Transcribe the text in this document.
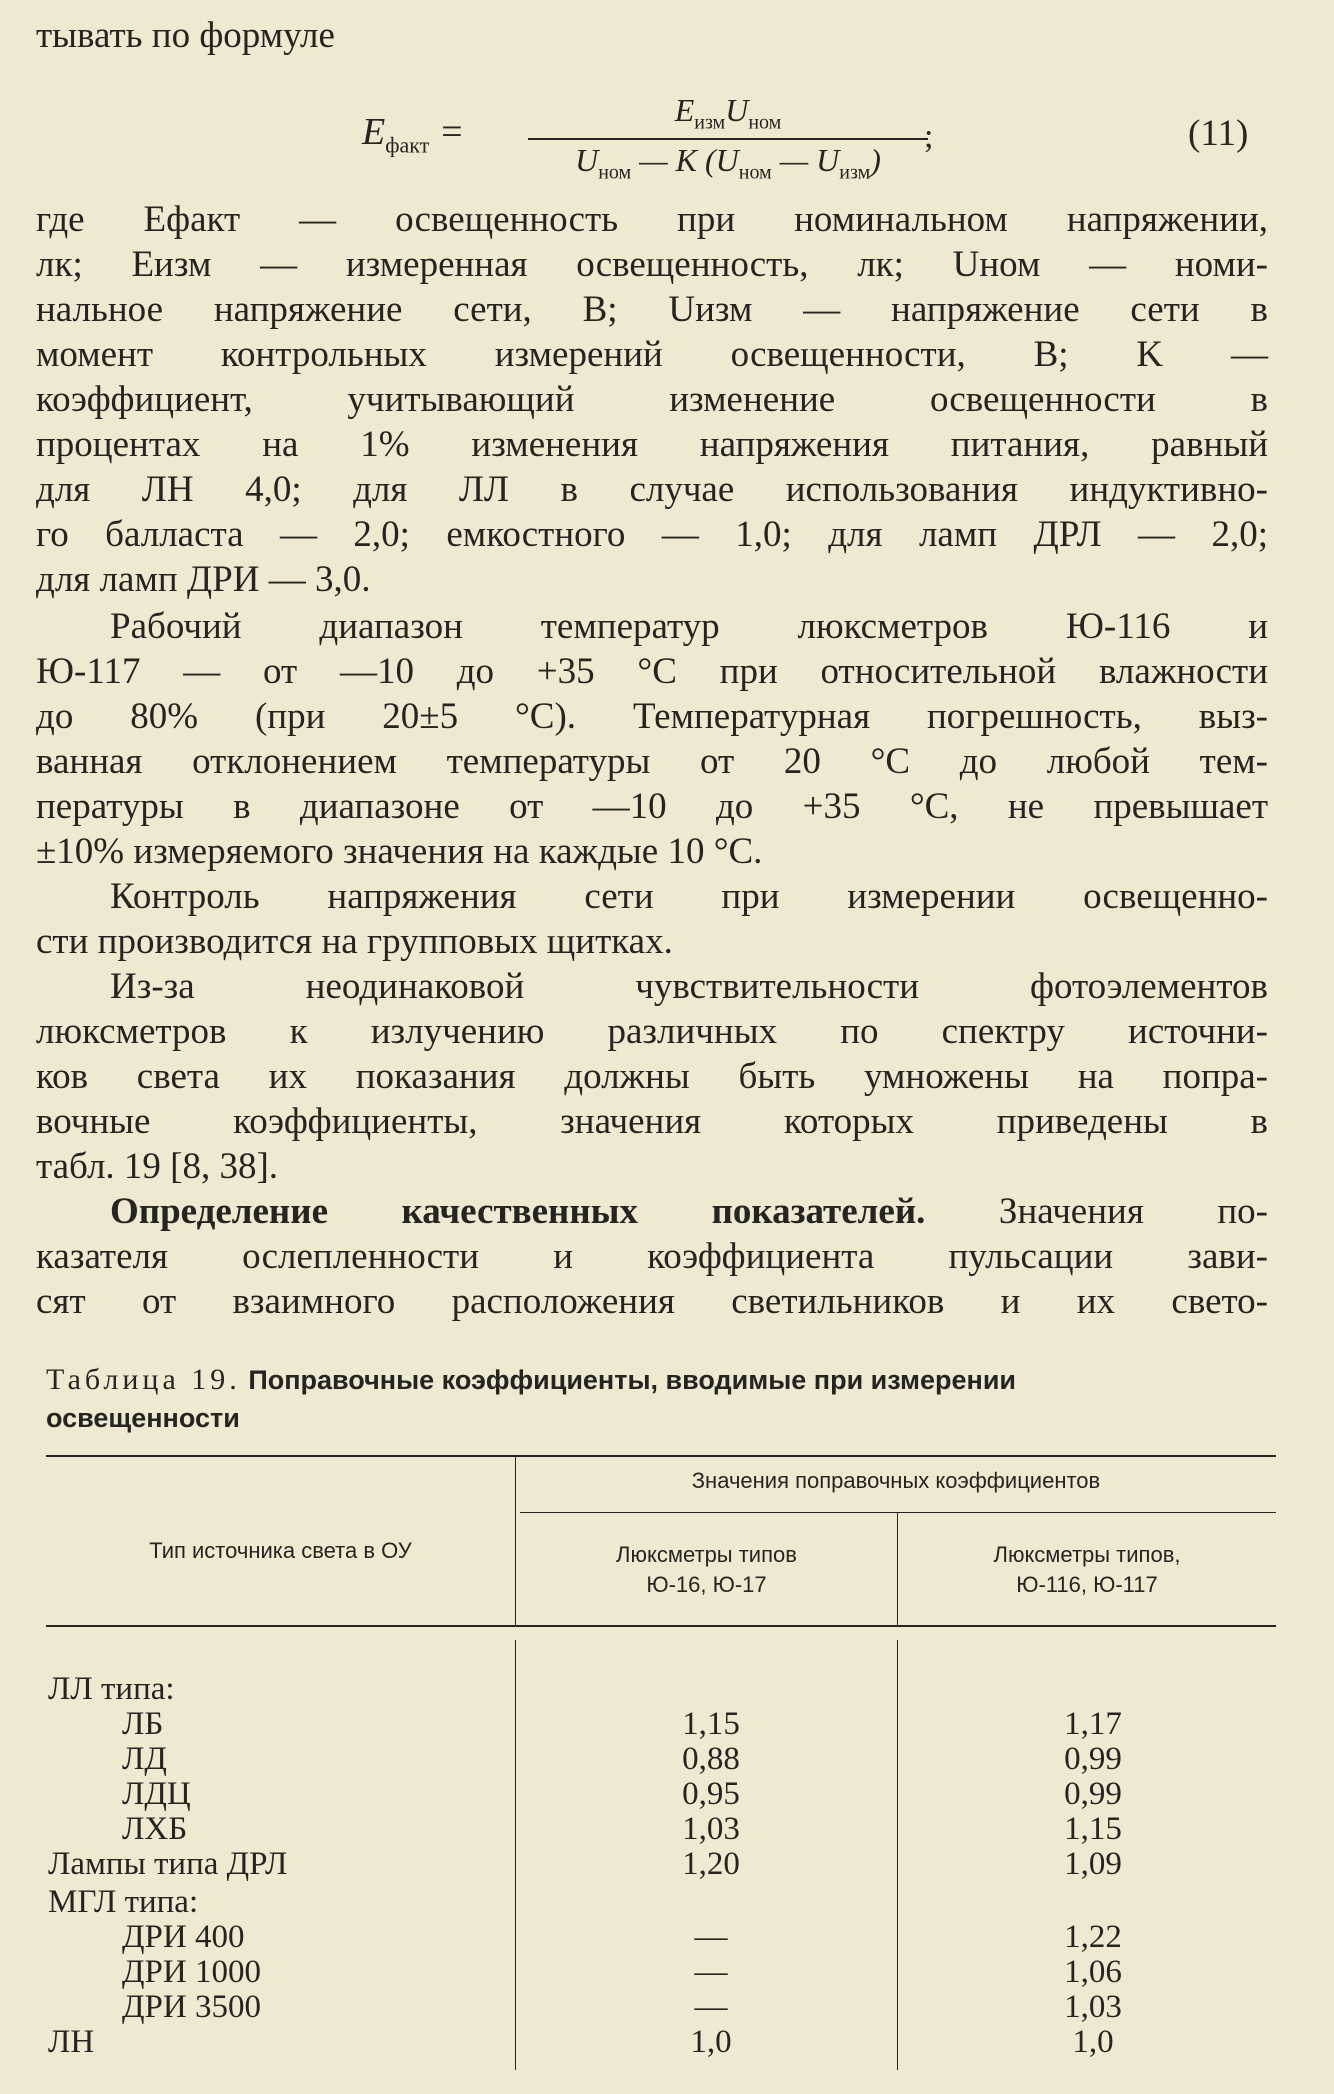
тывать по формуле
$E_{факт}$ =
$E_{изм}U_{ном}$
$U_{ном}$ — K ($U_{ном}$ — $U_{изм}$)
;	(11)
где Eфакт — освещенность при номинальном напряжении,
лк; Eизм — измеренная освещенность, лк; Uном — номи-
нальное напряжение сети, В; Uизм — напряжение сети в
момент контрольных измерений освещенности, В; K —
коэффициент, учитывающий изменение освещенности в
процентах на 1% изменения напряжения питания, равный
для ЛН 4,0; для ЛЛ в случае использования индуктивно-
го балласта — 2,0; емкостного — 1,0; для ламп ДРЛ — 2,0;
для ламп ДРИ — 3,0.
Рабочий диапазон температур люксметров Ю-116 и
Ю-117 — от —10 до +35 °С при относительной влажности
до 80% (при 20±5 °С). Температурная погрешность, выз-
ванная отклонением температуры от 20 °С до любой тем-
пературы в диапазоне от —10 до +35 °С, не превышает
±10% измеряемого значения на каждые 10 °С.
Контроль напряжения сети при измерении освещенно-
сти производится на групповых щитках.
Из-за неодинаковой чувствительности фотоэлементов
люксметров к излучению различных по спектру источни-
ков света их показания должны быть умножены на попра-
вочные коэффициенты, значения которых приведены в
табл. 19 [8, 38].
Определение качественных показателей. Значения по-
казателя ослепленности и коэффициента пульсации зави-
сят от взаимного расположения светильников и их свето-
Таблица 19. Поправочные коэффициенты, вводимые при измерении
освещенности
Тип источника света в ОУ
Значения поправочных коэффициентов
Люксметры типов
Ю-16, Ю-17
Люксметры типов,
Ю-116, Ю-117
ЛЛ типа:
ЛБ	1,15	1,17
ЛД	0,88	0,99
ЛДЦ	0,95	0,99
ЛХБ	1,03	1,15
Лампы типа ДРЛ	1,20	1,09
МГЛ типа:
ДРИ 400	—	1,22
ДРИ 1000	—	1,06
ДРИ 3500	—	1,03
ЛН	1,0	1,0
